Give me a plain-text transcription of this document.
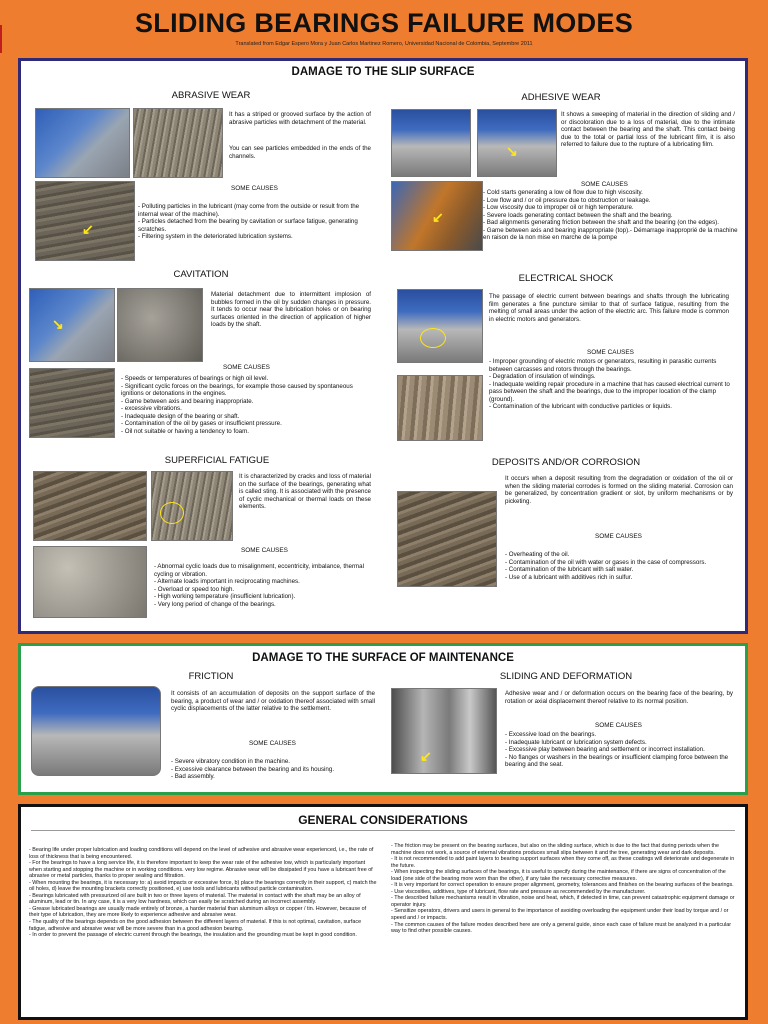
SLIDING BEARINGS FAILURE MODES
Translated from Edgar Espero Mora y Juan Carlos Martinez Romero, Universidad Nacional de Colombia, Septembre 2011
DAMAGE TO THE SLIP SURFACE
ABRASIVE WEAR
↙
It has a striped or grooved surface by the action of abrasive particles with detachment of the material.
You can see particles embedded in the ends of the channels.
SOME CAUSES
- Polluting particles in the lubricant (may come from the outside or result from the internal wear of the machine).
- Particles detached from the bearing by cavitation or surface fatigue, generating scratches.
- Filtering system in the deteriorated lubrication systems.
ADHESIVE WEAR
↘
↙
It shows a sweeping of material in the direction of sliding and / or discoloration due to a loss of material, due to the intimate contact between the bearing and the shaft. This contact being due to the total or partial loss of the lubricant film, it is also referred to failure due to the rupture of a lubricating film.
SOME CAUSES
- Cold starts generating a low oil flow due to high viscosity.
- Low flow and / or oil pressure due to obstruction or leakage.
- Low viscosity due to improper oil or high temperature.
- Severe loads generating contact between the shaft and the bearing.
- Bad alignments generating friction between the shaft and the bearing (on the edges).
- Game between axis and bearing inappropriate (top).- Démarrage inapproprié de la machine en raison de la non mise en marche de la pompe
CAVITATION
↘
Material detachment due to intermittent implosion of bubbles formed in the oil by sudden changes in pressure. It tends to occur near the lubrication holes or on bearing surfaces oriented in the direction of application of higher loads by the shaft.
SOME CAUSES
- Speeds or temperatures of bearings or high oil level.
- Significant cyclic forces on the bearings, for example those caused by spontaneous ignitions or detonations in the engines.
- Game between axis and bearing inappropriate.
- excessive vibrations.
- Inadequate design of the bearing or shaft.
- Contamination of the oil by gases or insufficient pressure.
- Oil not suitable or having a tendency to foam.
ELECTRICAL SHOCK
The passage of electric current between bearings and shafts through the lubricating film generates a fine puncture similar to that of surface fatigue, resulting from the melting of small areas under the action of the electric arc. This failure mode is common in electric motors and generators.
SOME CAUSES
- Improper grounding of electric motors or generators, resulting in parasitic currents between carcasses and rotors through the bearings.
- Degradation of insulation of windings.
- Inadequate welding repair procedure in a machine that has caused electrical current to pass between the shaft and the bearings, due to the improper location of the clamp (ground).
- Contamination of the lubricant with conductive particles or liquids.
SUPERFICIAL FATIGUE
It is characterized by cracks and loss of material on the surface of the bearings, generating what is called sting. It is associated with the presence of cyclic mechanical or thermal loads on these elements.
SOME CAUSES
- Abnormal cyclic loads due to misalignment, eccentricity, imbalance, thermal cycling or vibration.
- Alternate loads important in reciprocating machines.
- Overload or speed too high.
- High working temperature (insufficient lubrication).
- Very long period of change of the bearings.
DEPOSITS AND/OR CORROSION
It occurs when a deposit resulting from the degradation or oxidation of the oil or when the sliding material corrodes is formed on the sliding material. Corrosion can be generalized, by concentration gradient or slot, by uniform mechanisms or by picketing.
SOME CAUSES
- Overheating of the oil.
- Contamination of the oil with water or gases in the case of compressors.
- Contamination of the lubricant with salt water.
- Use of a lubricant with additives rich in sulfur.
DAMAGE TO THE SURFACE OF MAINTENANCE
FRICTION
It consists of an accumulation of deposits on the support surface of the bearing, a product of wear and / or oxidation thereof associated with small cyclic displacements of the latter relative to the settlement.
SOME CAUSES
- Severe vibratory condition in the machine.
- Excessive clearance between the bearing and its housing.
- Bad assembly.
SLIDING AND DEFORMATION
↙
Adhesive wear and / or deformation occurs on the bearing face of the bearing, by rotation or axial displacement thereof relative to its normal position.
SOME CAUSES
- Excessive load on the bearings.
- Inadequate lubricant or lubrication system defects.
- Excessive play between bearing and settlement or incorrect installation.
- No flanges or washers in the bearings or insufficient clamping force between the bearing and the seat.
GENERAL CONSIDERATIONS

- Bearing life under proper lubrication and loading conditions will depend on the level of adhesive and abrasive wear experienced, i.e., the rate of loss of thickness that is being encountered.

- For the bearings to have a long service life, it is therefore important to keep the wear rate of the adhesive low, which is particularly important when starting and stopping the machine or in working conditions. very low regime. Abrasive wear will be dissipated if you have a lubricant free of abrasive or metal particles, thanks to proper sealing and filtration.

- When mounting the bearings, it is necessary to: a) avoid impacts or excessive force, b) place the bearings correctly in their support, c) match the oil holes, d) leave the mounting brackets correctly positioned, e) use tools and lubricants without particle contamination.

- Bearings lubricated with pressurized oil are built in two or three layers of material. The material in contact with the shaft may be an alloy of aluminum, lead or tin. In any case, it is a very low hardness, which can easily be scratched during an incorrect assembly.

- Grease lubricated bearings are usually made entirely of bronze, a harder material than aluminum alloys or copper / tin. However, because of their type of lubrication, they are more likely to experience adhesive and abrasive wear.

- The quality of the bearings depends on the good adhesion between the different layers of material. If this is not optimal, cavitation, surface fatigue, adhesive and abrasive wear will be more severe than in a good adhesion bearing.

- In order to prevent the passage of electric current through the bearings, the insulation and the grounding must be kept in good condition.

- The friction may be present on the bearing surfaces, but also on the sliding surface, which is due to the fact that during periods when the machine does not work, a source of external vibrations produces small slips between it and the tree, generating wear and dark deposits.

- It is not recommended to add paint layers to bearing support surfaces when they come off, as these coatings will deteriorate and degenerate in the future.

- When inspecting the sliding surfaces of the bearings, it is useful to specify during the maintenance, if there are signs of concentration of the load (one side of the bearing more worn than the other), if any take the necessary corrective measures.

- It is very important for correct operation to ensure proper alignment, geometry, tolerances and finishes on the bearing surfaces of the bearings.

- Use viscosities, additives, type of lubricant, flow rate and pressure as recommended by the manufacturer.

- The described failure mechanisms result in vibration, noise and heat, which, if detected in time, can prevent catastrophic equipment damage or operator injury.

- Sensitize operators, drivers and users in general to the importance of avoiding overloading the equipment under their load by torque and / or speed and / or impacts.

- The common causes of the failure modes described here are only a general guide, since each case of failure must be analyzed in a particular way to find other possible causes.
